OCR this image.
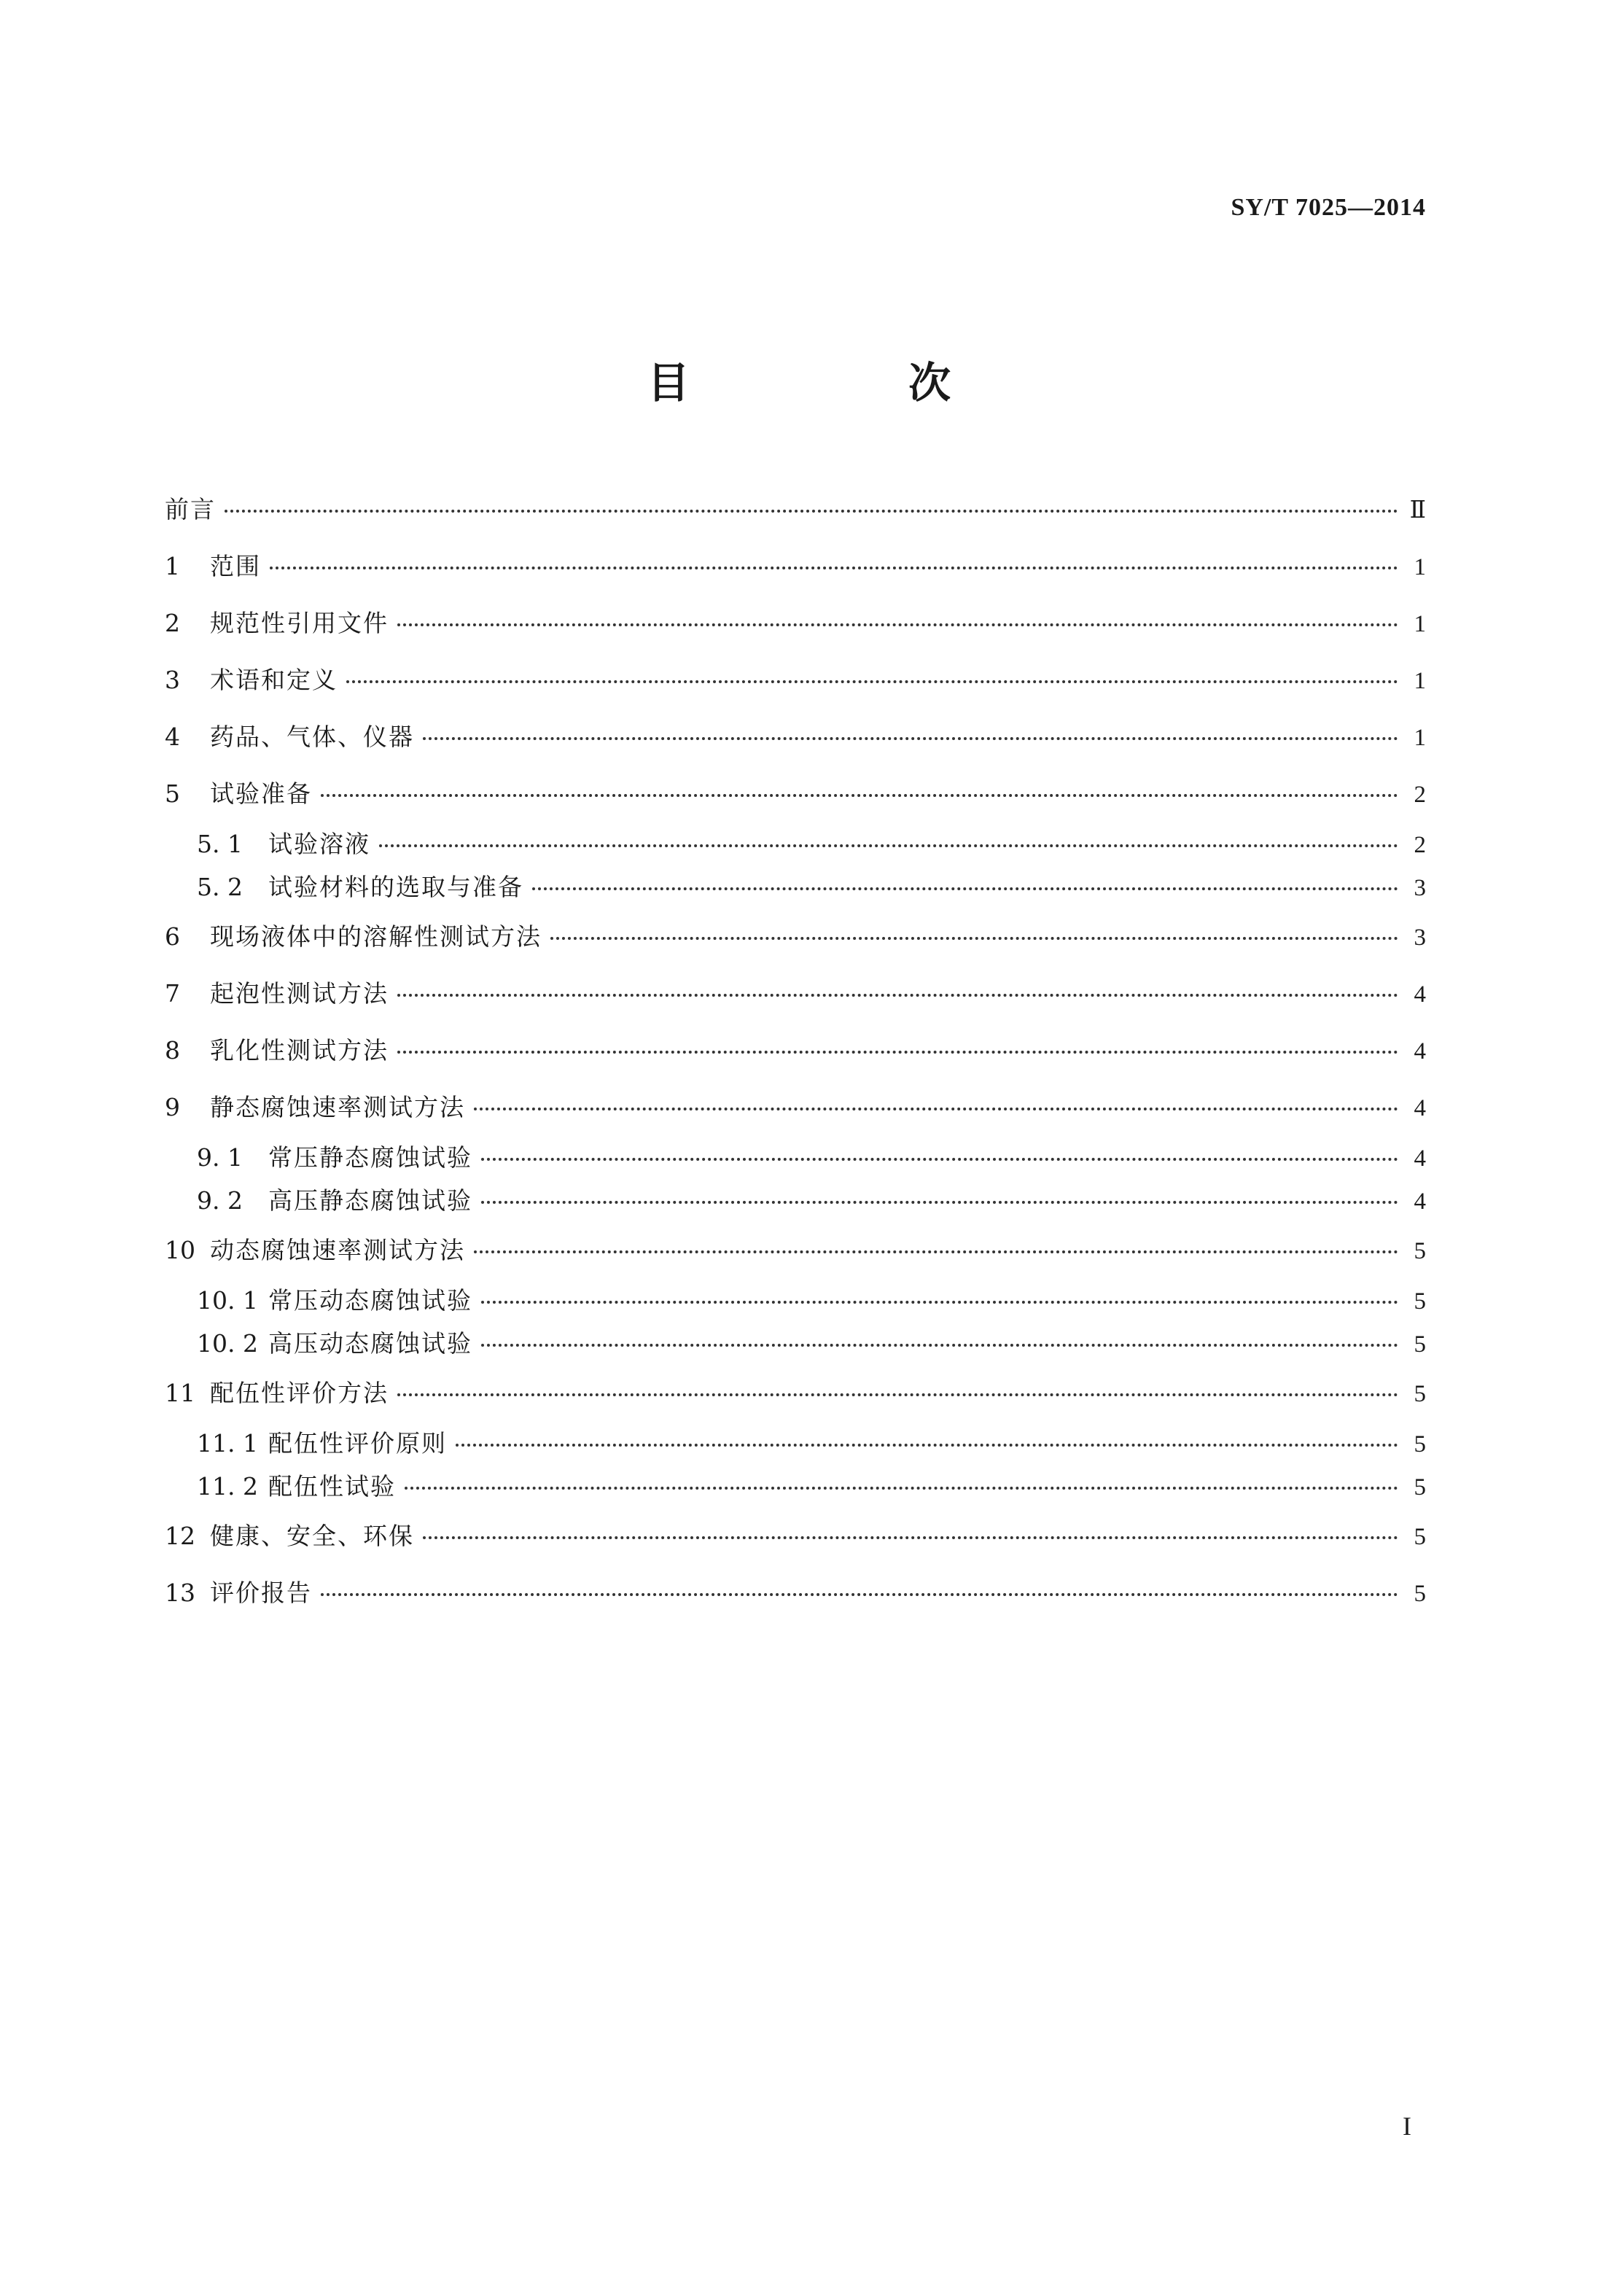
SY/T 7025—2014

目 次
前言	Ⅱ
1	范围	1
2	规范性引用文件	1
3	术语和定义	1
4	药品、气体、仪器	1
5	试验准备	2
5. 1	试验溶液	2
5. 2	试验材料的选取与准备	3
6	现场液体中的溶解性测试方法	3
7	起泡性测试方法	4
8	乳化性测试方法	4
9	静态腐蚀速率测试方法	4
9. 1	常压静态腐蚀试验	4
9. 2	高压静态腐蚀试验	4
10 动态腐蚀速率测试方法	5
10. 1 常压动态腐蚀试验	5
10. 2 高压动态腐蚀试验	5
11 配伍性评价方法	5
11. 1 配伍性评价原则	5
11. 2 配伍性试验	5
12 健康、安全、环保	5
13 评价报告	5

I
